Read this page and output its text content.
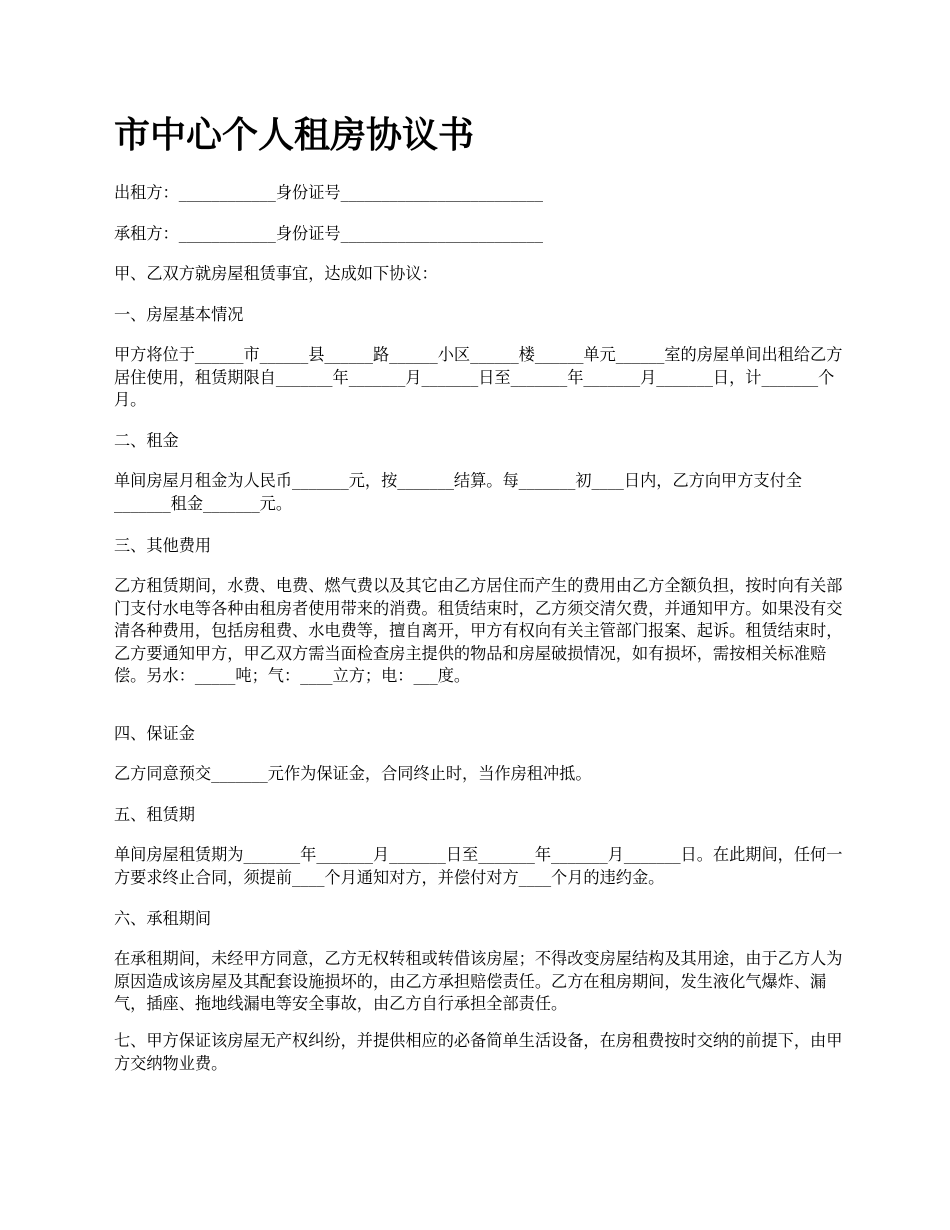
市中心个人租房协议书

出租方：____________身份证号_________________________

承租方：____________身份证号_________________________

甲、乙双方就房屋租赁事宜，达成如下协议：

一、房屋基本情况

甲方将位于______市______县______路______小区______楼______单元______室的房屋单间出租给乙方居住使用，租赁期限自_______年_______月_______日至_______年_______月_______日，计_______个月。

二、租金

单间房屋月租金为人民币_______元，按_______结算。每_______初____日内，乙方向甲方支付全_______租金_______元。

三、其他费用

乙方租赁期间，水费、电费、燃气费以及其它由乙方居住而产生的费用由乙方全额负担，按时向有关部门支付水电等各种由租房者使用带来的消费。租赁结束时，乙方须交清欠费，并通知甲方。如果没有交清各种费用，包括房租费、水电费等，擅自离开，甲方有权向有关主管部门报案、起诉。租赁结束时，乙方要通知甲方，甲乙双方需当面检查房主提供的物品和房屋破损情况，如有损坏，需按相关标准赔偿。另水：_____吨；气：____立方；电：___度。

四、保证金

乙方同意预交_______元作为保证金，合同终止时，当作房租冲抵。

五、租赁期

单间房屋租赁期为_______年_______月_______日至_______年_______月_______日。在此期间，任何一方要求终止合同，须提前____个月通知对方，并偿付对方____个月的违约金。

六、承租期间

在承租期间，未经甲方同意，乙方无权转租或转借该房屋；不得改变房屋结构及其用途，由于乙方人为原因造成该房屋及其配套设施损坏的，由乙方承担赔偿责任。乙方在租房期间，发生液化气爆炸、漏气，插座、拖地线漏电等安全事故，由乙方自行承担全部责任。

七、甲方保证该房屋无产权纠纷，并提供相应的必备简单生活设备，在房租费按时交纳的前提下，由甲方交纳物业费。
